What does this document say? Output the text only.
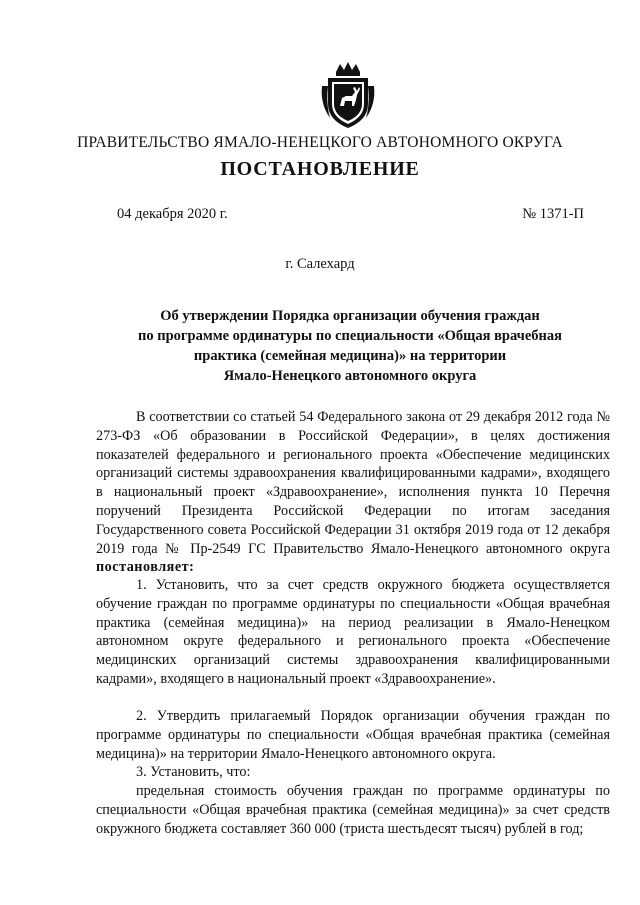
ПРАВИТЕЛЬСТВО ЯМАЛО-НЕНЕЦКОГО АВТОНОМНОГО ОКРУГА
ПОСТАНОВЛЕНИЕ
04 декабря 2020 г.	№ 1371-П
г. Салехард
Об утверждении Порядка организации обучения граждан
по программе ординатуры по специальности «Общая врачебная
практика (семейная медицина)» на территории
Ямало-Ненецкого автономного округа

В соответствии со статьей 54 Федерального закона от 29 декабря 2012 года № 273-ФЗ «Об образовании в Российской Федерации», в целях достижения показателей федерального и регионального проекта «Обеспечение медицинских организаций системы здравоохранения квалифицированными кадрами», входящего в национальный проект «Здравоохранение», исполнения пункта 10 Перечня поручений Президента Российской Федерации по итогам заседания Государственного совета Российской Федерации 31 октября 2019 года от 12 декабря 2019 года № Пр-2549 ГС Правительство Ямало-Ненецкого автономного округа постановляет:

1. Установить, что за счет средств окружного бюджета осуществляется обучение граждан по программе ординатуры по специальности «Общая врачебная практика (семейная медицина)» на период реализации в Ямало-Ненецком автономном округе федерального и регионального проекта «Обеспечение медицинских организаций системы здравоохранения квалифицированными кадрами», входящего в национальный проект «Здравоохранение».

2. Утвердить прилагаемый Порядок организации обучения граждан по программе ординатуры по специальности «Общая врачебная практика (семейная медицина)» на территории Ямало-Ненецкого автономного округа.

3. Установить, что:

предельная стоимость обучения граждан по программе ординатуры по специальности «Общая врачебная практика (семейная медицина)» за счет средств окружного бюджета составляет 360 000 (триста шестьдесят тысяч) рублей в год;
